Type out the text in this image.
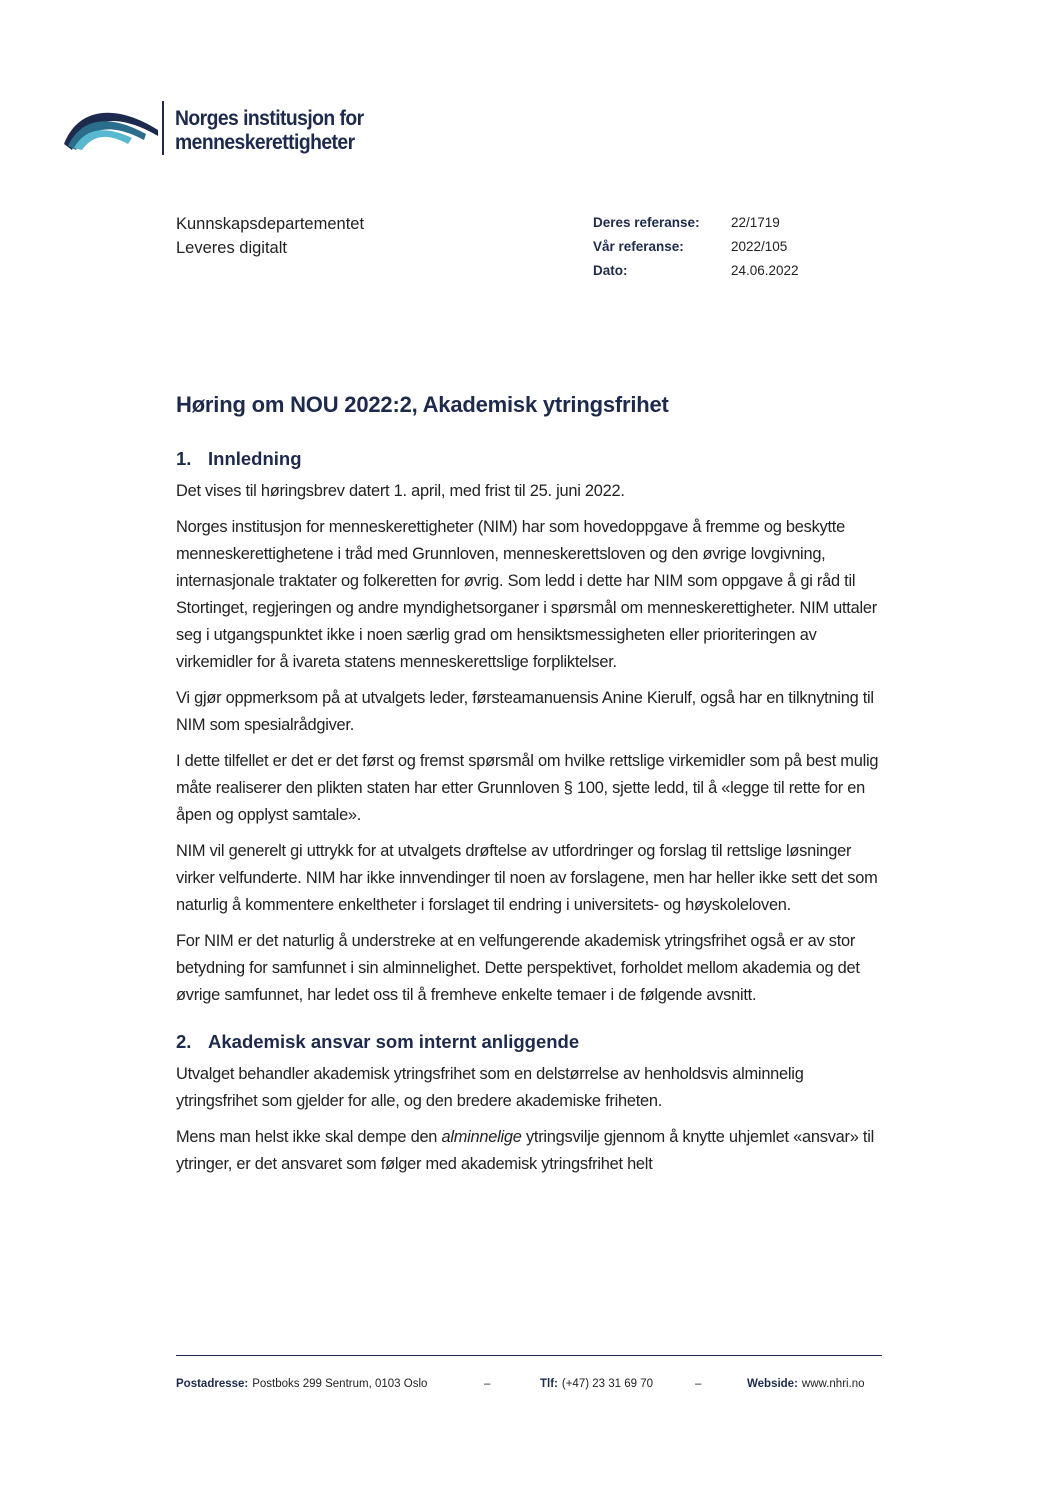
Norges institusjon for
menneskerettigheter
Kunnskapsdepartementet
Leveres digitalt
Deres referanse:	22/1719
Vår referanse:	2022/105
Dato:	24.06.2022
Høring om NOU 2022:2, Akademisk ytringsfrihet
1. Innledning

Det vises til høringsbrev datert 1. april, med frist til 25. juni 2022.

Norges institusjon for menneskerettigheter (NIM) har som hovedoppgave å fremme og beskytte menneskerettighetene i tråd med Grunnloven, menneskerettsloven og den øvrige lovgivning, internasjonale traktater og folkeretten for øvrig. Som ledd i dette har NIM som oppgave å gi råd til Stortinget, regjeringen og andre myndighetsorganer i spørsmål om menneskerettigheter. NIM uttaler seg i utgangspunktet ikke i noen særlig grad om hensiktsmessigheten eller prioriteringen av virkemidler for å ivareta statens menneskerettslige forpliktelser.

Vi gjør oppmerksom på at utvalgets leder, førsteamanuensis Anine Kierulf, også har en tilknytning til NIM som spesialrådgiver.

I dette tilfellet er det er det først og fremst spørsmål om hvilke rettslige virkemidler som på best mulig måte realiserer den plikten staten har etter Grunnloven § 100, sjette ledd, til å «legge til rette for en åpen og opplyst samtale».

NIM vil generelt gi uttrykk for at utvalgets drøftelse av utfordringer og forslag til rettslige løsninger virker velfunderte. NIM har ikke innvendinger til noen av forslagene, men har heller ikke sett det som naturlig å kommentere enkeltheter i forslaget til endring i universitets- og høyskoleloven.

For NIM er det naturlig å understreke at en velfungerende akademisk ytringsfrihet også er av stor betydning for samfunnet i sin alminnelighet. Dette perspektivet, forholdet mellom akademia og det øvrige samfunnet, har ledet oss til å fremheve enkelte temaer i de følgende avsnitt.

2. Akademisk ansvar som internt anliggende

Utvalget behandler akademisk ytringsfrihet som en delstørrelse av henholdsvis alminnelig ytringsfrihet som gjelder for alle, og den bredere akademiske friheten.

Mens man helst ikke skal dempe den alminnelige ytringsvilje gjennom å knytte uhjemlet «ansvar» til ytringer, er det ansvaret som følger med akademisk ytringsfrihet helt

Postadresse: Postboks 299 Sentrum, 0103 Oslo	–	Tlf: (+47) 23 31 69 70	–	Webside: www.nhri.no
